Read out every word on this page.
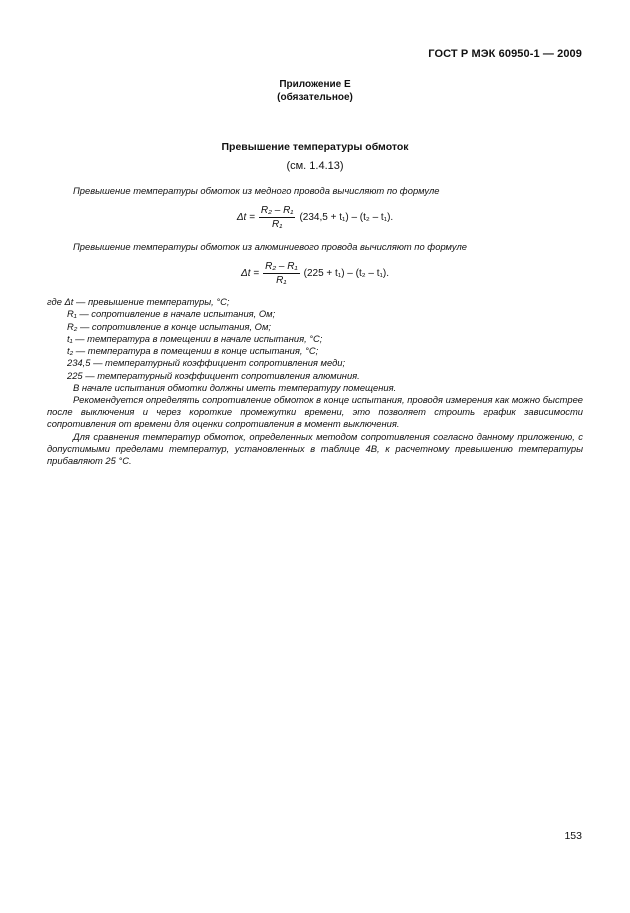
ГОСТ Р МЭК 60950-1 — 2009
Приложение Е
(обязательное)
Превышение температуры обмоток
(см. 1.4.13)
Превышение температуры обмоток из медного провода вычисляют по формуле
$\Delta t = \frac{\text{R₂ – R₁}}{\text{R₁}} (234,5 + t_1) - (t_2 - t_1)$.
Превышение температуры обмоток из алюминиевого провода вычисляют по формуле
$\Delta t = \frac{\text{R₂ – R₁}}{\text{R₁}} (225 + t_1) - (t_2 - t_1)$.
где Δt — превышение температуры, °С;
R₁ — сопротивление в начале испытания, Ом;
R₂ — сопротивление в конце испытания, Ом;
t₁ — температура в помещении в начале испытания, °С;
t₂ — температура в помещении в конце испытания, °С;
234,5 — температурный коэффициент сопротивления меди;
225 — температурный коэффициент сопротивления алюминия.
В начале испытания обмотки должны иметь температуру помещения.
Рекомендуется определять сопротивление обмоток в конце испытания, проводя измерения как можно быстрее после выключения и через короткие промежутки времени, это позволяет строить график зависимости сопротивления от времени для оценки сопротивления в момент выключения.
Для сравнения температур обмоток, определенных методом сопротивления согласно данному приложению, с допустимыми пределами температур, установленных в таблице 4В, к расчетному превышению температуры прибавляют 25 °С.
153
